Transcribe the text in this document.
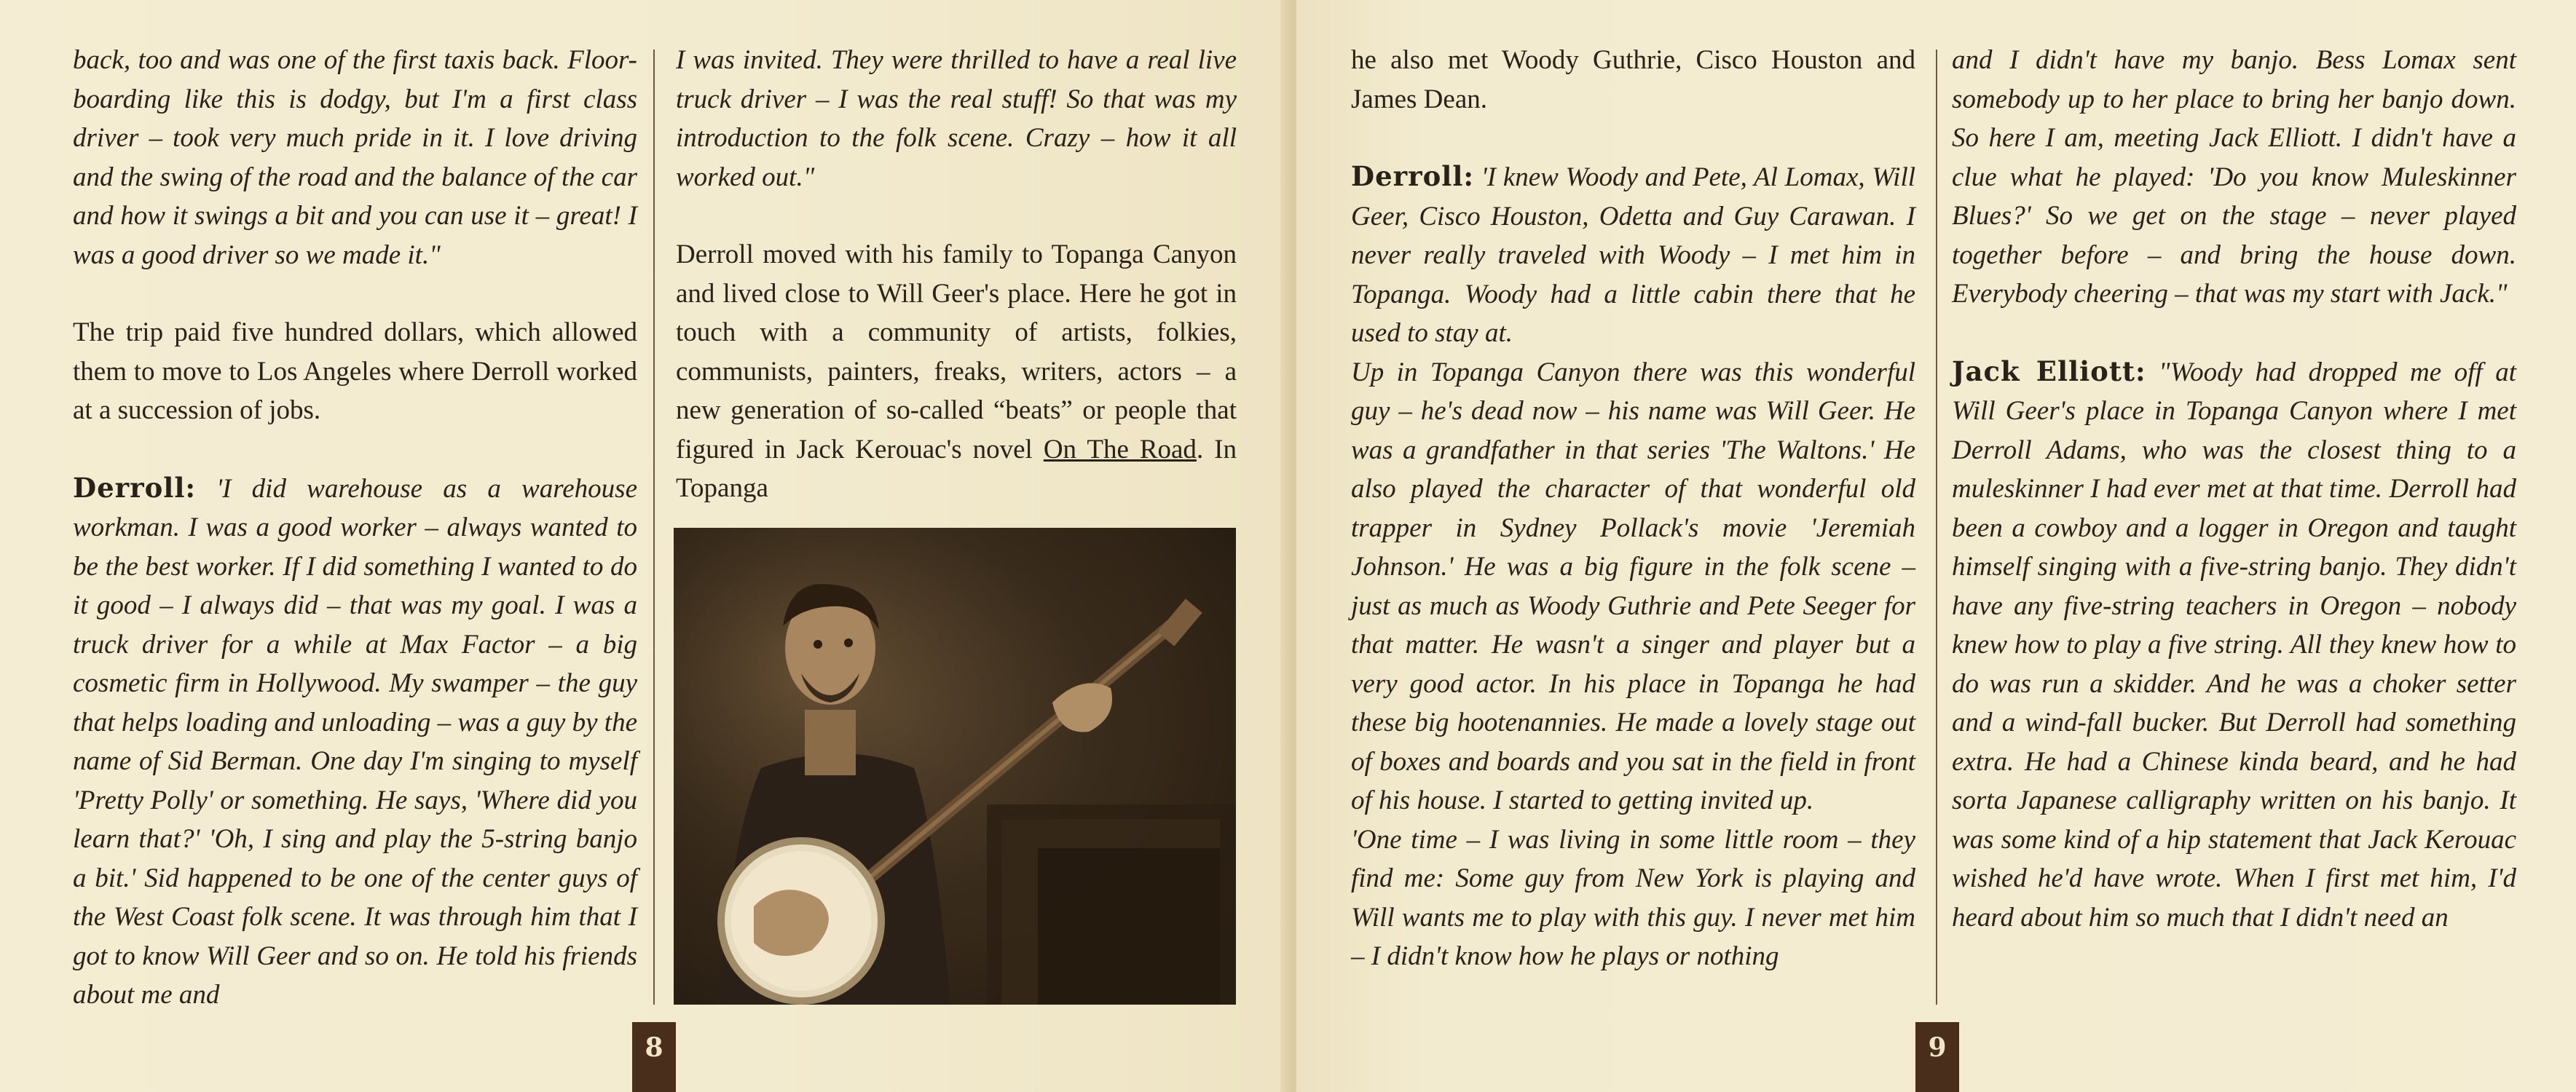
back, too and was one of the first taxis back. Floor-boarding like this is dodgy, but I'm a first class driver – took very much pride in it. I love driving and the swing of the road and the balance of the car and how it swings a bit and you can use it – great! I was a good driver so we made it."

The trip paid five hundred dollars, which allowed them to move to Los Angeles where Derroll worked at a succession of jobs.

Derroll: 'I did warehouse as a warehouse workman. I was a good worker – always wanted to be the best worker. If I did something I wanted to do it good – I always did – that was my goal. I was a truck driver for a while at Max Factor – a big cosmetic firm in Hollywood. My swamper – the guy that helps loading and unloading – was a guy by the name of Sid Berman. One day I'm singing to myself 'Pretty Polly' or something. He says, 'Where did you learn that?' 'Oh, I sing and play the 5-string banjo a bit.' Sid happened to be one of the center guys of the West Coast folk scene. It was through him that I got to know Will Geer and so on. He told his friends about me and

I was invited. They were thrilled to have a real live truck driver – I was the real stuff! So that was my introduction to the folk scene. Crazy – how it all worked out."

Derroll moved with his family to Topanga Canyon and lived close to Will Geer's place. Here he got in touch with a community of artists, folkies, communists, painters, freaks, writers, actors – a new generation of so-called “beats” or people that figured in Jack Kerouac's novel On The Road. In Topanga

8

he also met Woody Guthrie, Cisco Houston and James Dean.

Derroll: 'I knew Woody and Pete, Al Lomax, Will Geer, Cisco Houston, Odetta and Guy Carawan. I never really traveled with Woody – I met him in Topanga. Woody had a little cabin there that he used to stay at.

Up in Topanga Canyon there was this wonderful guy – he's dead now – his name was Will Geer. He was a grandfather in that series 'The Waltons.' He also played the character of that wonderful old trapper in Sydney Pollack's movie 'Jeremiah Johnson.' He was a big figure in the folk scene – just as much as Woody Guthrie and Pete Seeger for that matter. He wasn't a singer and player but a very good actor. In his place in Topanga he had these big hootenannies. He made a lovely stage out of boxes and boards and you sat in the field in front of his house. I started to getting invited up.

'One time – I was living in some little room – they find me: Some guy from New York is playing and Will wants me to play with this guy. I never met him – I didn't know how he plays or nothing

and I didn't have my banjo. Bess Lomax sent somebody up to her place to bring her banjo down. So here I am, meeting Jack Elliott. I didn't have a clue what he played: 'Do you know Muleskinner Blues?' So we get on the stage – never played together before – and bring the house down. Everybody cheering – that was my start with Jack."

Jack Elliott: "Woody had dropped me off at Will Geer's place in Topanga Canyon where I met Derroll Adams, who was the closest thing to a muleskinner I had ever met at that time. Derroll had been a cowboy and a logger in Oregon and taught himself singing with a five-string banjo. They didn't have any five-string teachers in Oregon – nobody knew how to play a five string. All they knew how to do was run a skidder. And he was a choker setter and a wind-fall bucker. But Derroll had something extra. He had a Chinese kinda beard, and he had sorta Japanese calligraphy written on his banjo. It was some kind of a hip statement that Jack Kerouac wished he'd have wrote. When I first met him, I'd heard about him so much that I didn't need an

9
